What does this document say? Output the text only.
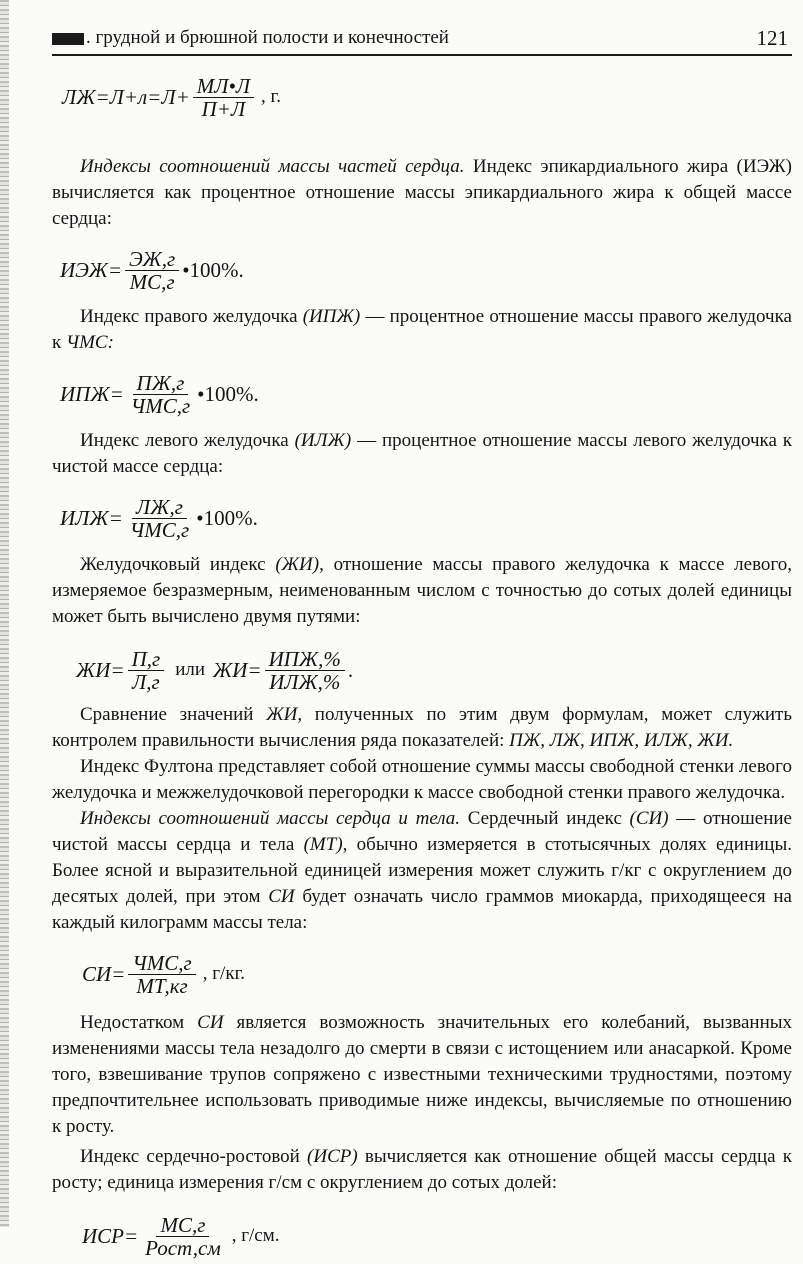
. грудной и брюшной полости и конечностей	121
ЛЖ=Л+л=Л+ МЛ•Л
П+Л , г.

Индексы соотношений массы частей сердца. Индекс эпикардиального жира (ИЭЖ) вычисляется как процентное отношение массы эпикардиального жира к общей массе сердца:

ИЭЖ= ЭЖ,г
МС,г •100%.

Индекс правого желудочка (ИПЖ) — процентное отношение массы правого желудочка к ЧМС:

ИПЖ= ПЖ,г
ЧМС,г •100%.

Индекс левого желудочка (ИЛЖ) — процентное отношение массы левого желудочка к чистой массе сердца:

ИЛЖ= ЛЖ,г
ЧМС,г •100%.

Желудочковый индекс (ЖИ), отношение массы правого желудочка к массе левого, измеряемое безразмерным, неименованным числом с точностью до сотых долей единицы может быть вычислено двумя путями:

ЖИ= П,г
Л,г или ЖИ= ИПЖ,%
ИЛЖ,% .

Сравнение значений ЖИ, полученных по этим двум формулам, может служить контролем правильности вычисления ряда показателей: ПЖ, ЛЖ, ИПЖ, ИЛЖ, ЖИ.

Индекс Фултона представляет собой отношение суммы массы свободной стенки левого желудочка и межжелудочковой перегородки к массе свободной стенки правого желудочка.

Индексы соотношений массы сердца и тела. Сердечный индекс (СИ) — отношение чистой массы сердца и тела (МТ), обычно измеряется в стотысячных долях единицы. Более ясной и выразительной единицей измерения может служить г/кг с округлением до десятых долей, при этом СИ будет означать число граммов миокарда, приходящееся на каждый килограмм массы тела:

СИ= ЧМС,г
МТ,кг , г/кг.

Недостатком СИ является возможность значительных его колебаний, вызванных изменениями массы тела незадолго до смерти в связи с истощением или анасаркой. Кроме того, взвешивание трупов сопряжено с известными техническими трудностями, поэтому предпочтительнее использовать приводимые ниже индексы, вычисляемые по отношению к росту.

Индекс сердечно-ростовой (ИСР) вычисляется как отношение общей массы сердца к росту; единица измерения г/см с округлением до сотых долей:

ИСР= МС,г
Рост,см , г/см.
